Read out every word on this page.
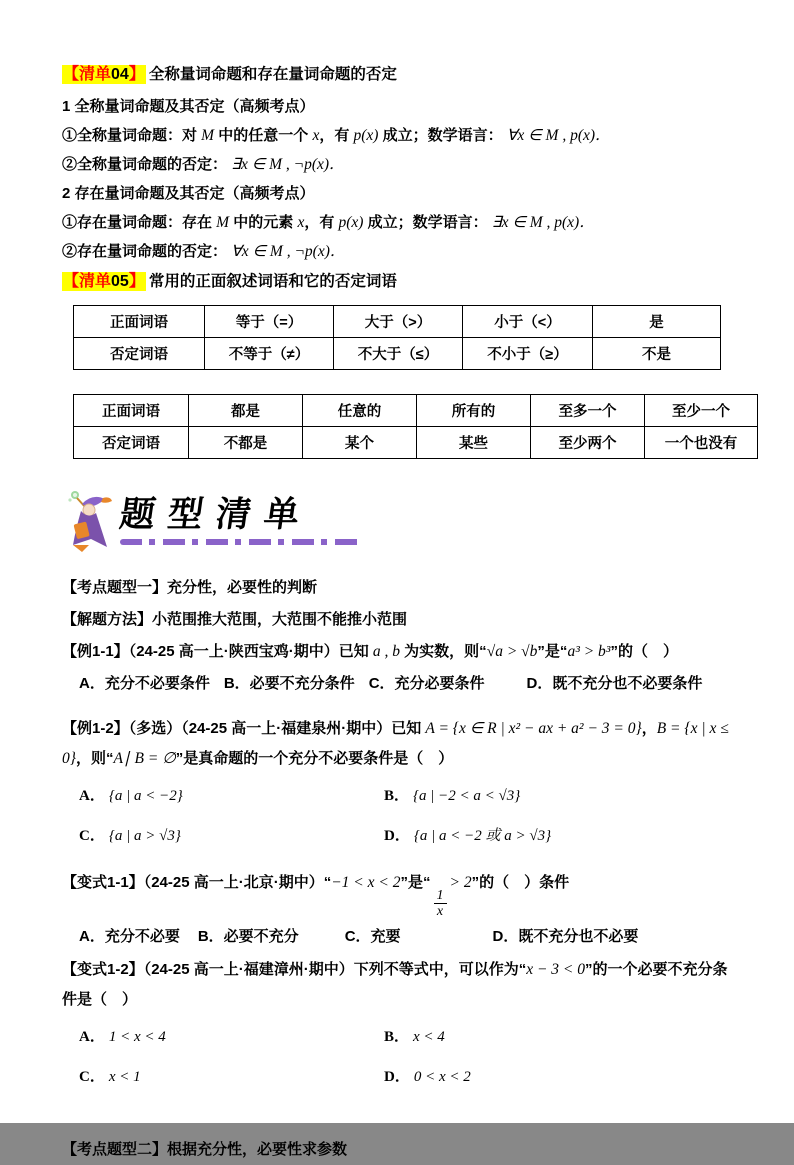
【清单04】 全称量词命题和存在量词命题的否定
1 全称量词命题及其否定（高频考点）
①全称量词命题：对 M 中的任意一个 x，有 p(x) 成立；数学语言： ∀x ∈ M , p(x)．
②全称量词命题的否定： ∃x ∈ M , ¬p(x)．
2 存在量词命题及其否定（高频考点）
①存在量词命题：存在 M 中的元素 x，有 p(x) 成立；数学语言： ∃x ∈ M , p(x)．
②存在量词命题的否定： ∀x ∈ M , ¬p(x)．
【清单05】 常用的正面叙述词语和它的否定词语
正面词语	等于（=）	大于（>）	小于（<）	是
否定词语	不等于（≠）	不大于（≤）	不小于（≥）	不是
正面词语	都是	任意的	所有的	至多一个	至少一个
否定词语	不都是	某个	某些	至少两个	一个也没有
题型清单
【考点题型一】充分性，必要性的判断
【解题方法】小范围推大范围，大范围不能推小范围
【例1-1】（24-25 高一上·陕西宝鸡·期中）已知 a , b 为实数，则“√a > √b”是“a³ > b³”的（　）
A．充分不必要条件 B．必要不充分条件 C．充分必要条件	D．既不充分也不必要条件
【例1-2】（多选）（24-25 高一上·福建泉州·期中）已知 A = {x ∈ R | x² − ax + a² − 3 = 0}，B = {x | x ≤ 0}，则“A∣ B = ∅”是真命题的一个充分不必要条件是（　）
A． {a | a < −2}	B． {a | −2 < a < √3}
C． {a | a > √3}	D． {a | a < −2 或 a > √3}
【变式1-1】（24-25 高一上·北京·期中）“−1 < x < 2”是“
$\frac{1}{x}$
> 2”的（　）条件
A．充分不必要 B．必要不充分	C．充要	D．既不充分也不必要
【变式1-2】（24-25 高一上·福建漳州·期中）下列不等式中，可以作为“x − 3 < 0”的一个必要不充分条件是（　）
A． 1 < x < 4	B． x < 4
C． x < 1	D． 0 < x < 2
【考点题型二】根据充分性，必要性求参数
